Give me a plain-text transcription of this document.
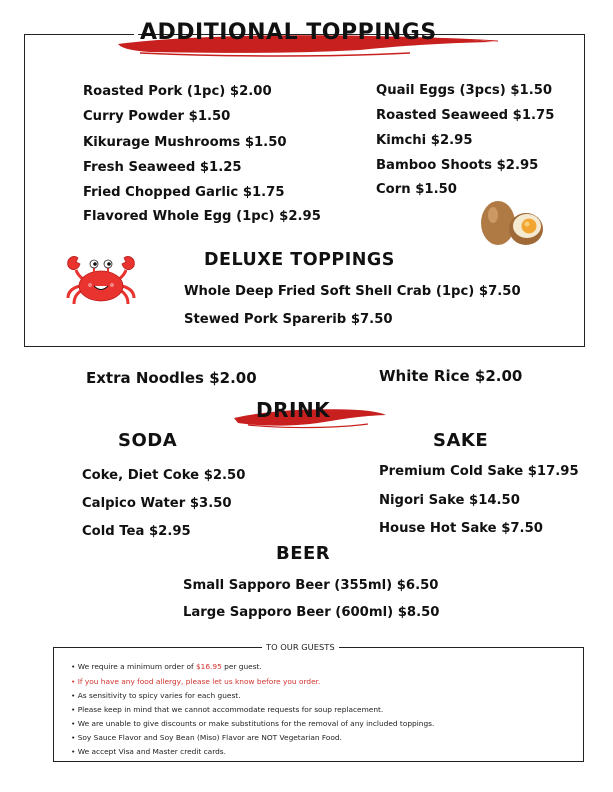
ADDITIONAL TOPPINGS
Roasted Pork (1pc) $2.00
Curry Powder $1.50
Kikurage Mushrooms $1.50
Fresh Seaweed $1.25
Fried Chopped Garlic $1.75
Flavored Whole Egg (1pc) $2.95
Quail Eggs (3pcs) $1.50
Roasted Seaweed $1.75
Kimchi $2.95
Bamboo Shoots $2.95
Corn $1.50
DELUXE TOPPINGS
Whole Deep Fried Soft Shell Crab (1pc) $7.50
Stewed Pork Sparerib $7.50
Extra Noodles $2.00	White Rice $2.00
DRINK
SODA
Coke, Diet Coke $2.50
Calpico Water $3.50
Cold Tea $2.95
SAKE
Premium Cold Sake $17.95
Nigori Sake $14.50
House Hot Sake $7.50
BEER
Small Sapporo Beer (355ml) $6.50
Large Sapporo Beer (600ml) $8.50
TO OUR GUESTS
• We require a minimum order of $16.95 per guest.
• If you have any food allergy, please let us know before you order.
• As sensitivity to spicy varies for each guest.
• Please keep in mind that we cannot accommodate requests for soup replacement.
• We are unable to give discounts or make substitutions for the removal of any included toppings.
• Soy Sauce Flavor and Soy Bean (Miso) Flavor are NOT Vegetarian Food.
• We accept Visa and Master credit cards.
